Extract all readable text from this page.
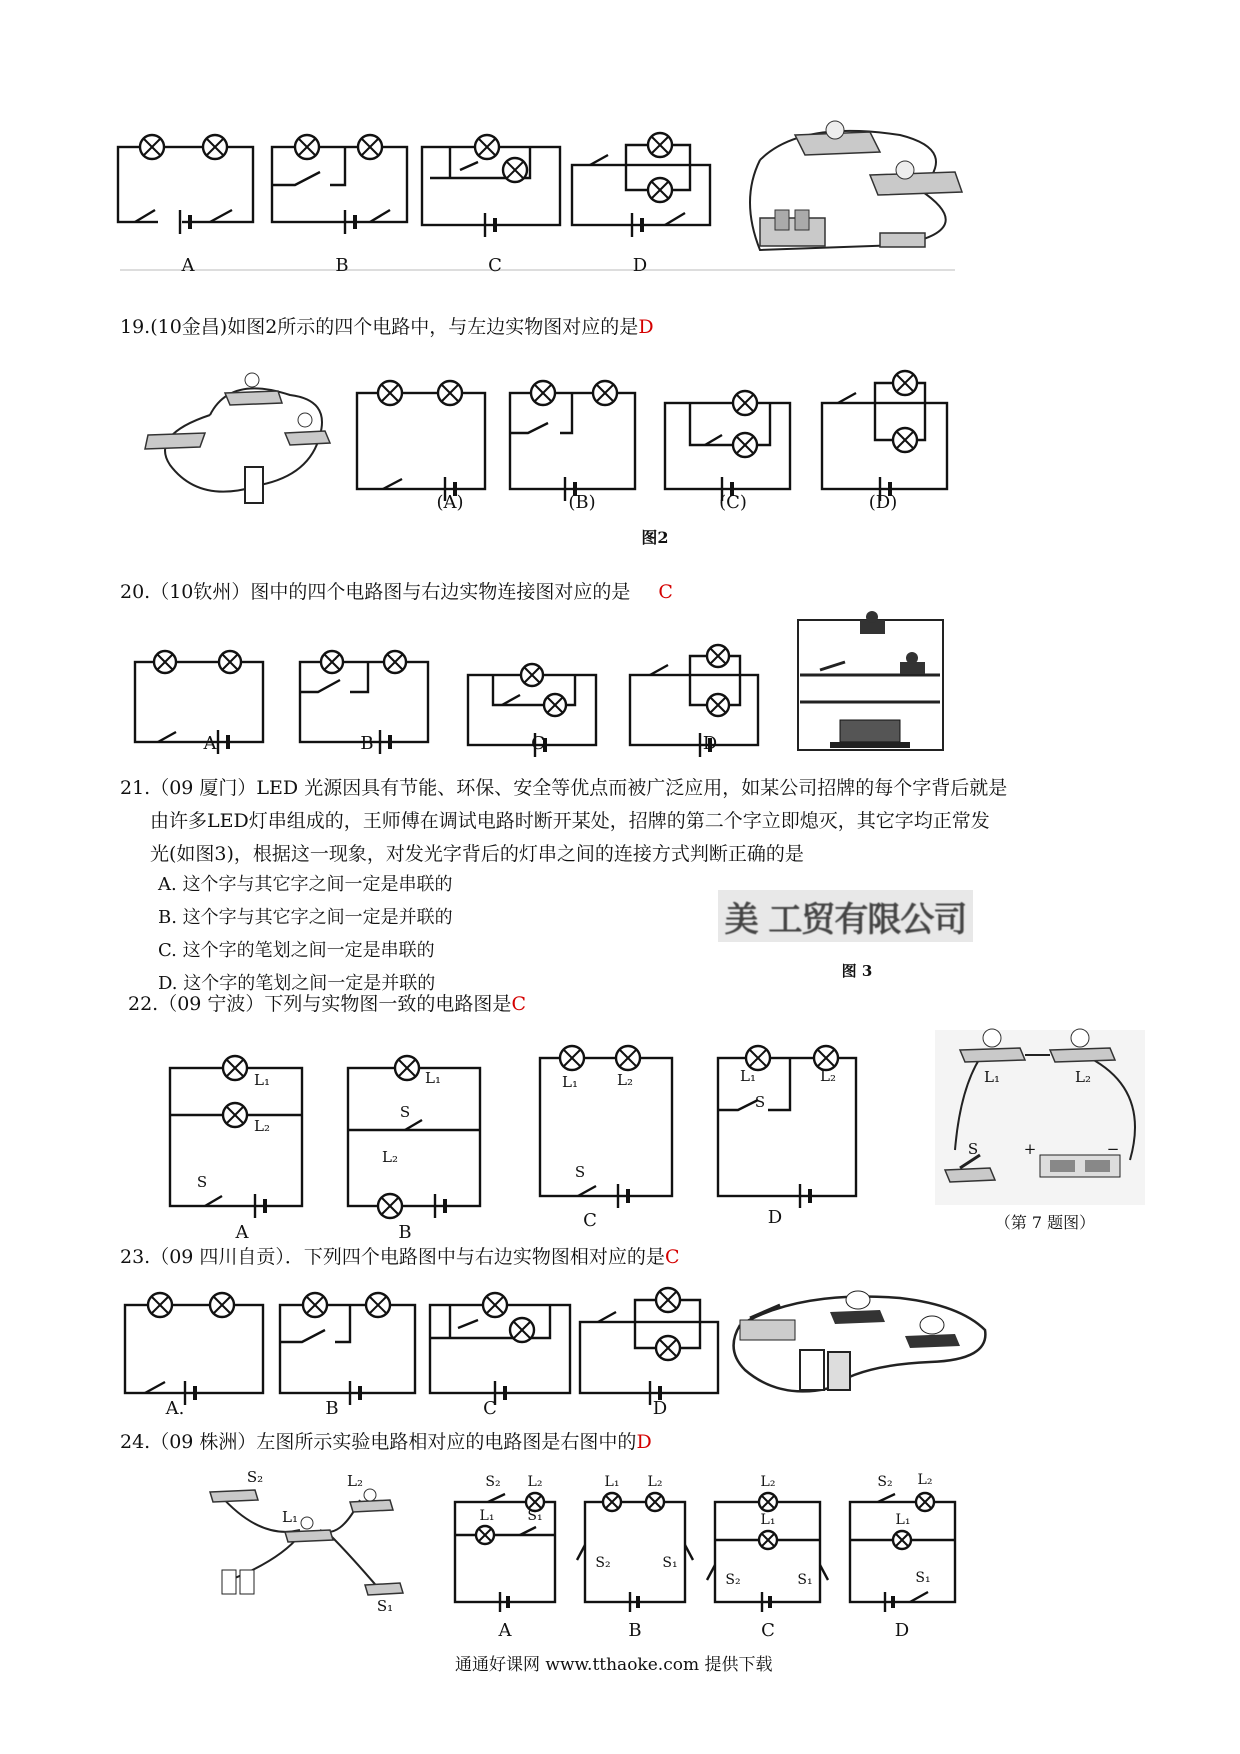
A	B	C	D
19.(10金昌)如图2所示的四个电路中，与左边实物图对应的是D
(A)	(B)	(C)	(D)
图2
20.（10钦州）图中的四个电路图与右边实物连接图对应的是 C
A	B	C	D
21.（09 厦门）LED 光源因具有节能、环保、安全等优点而被广泛应用，如某公司招牌的每个字背后就是
由许多LED灯串组成的，王师傅在调试电路时断开某处，招牌的第二个字立即熄灭，其它字均正常发
光(如图3)，根据这一现象，对发光字背后的灯串之间的连接方式判断正确的是
A. 这个字与其它字之间一定是串联的
B. 这个字与其它字之间一定是并联的
C. 这个字的笔划之间一定是串联的
D. 这个字的笔划之间一定是并联的
美 工贸有限公司
图 3
22.（09 宁波）下列与实物图一致的电路图是C
L₁
L₂
S
L₁
S
L₂
L₁	L₂
S
L₁
S
L₂	L₁	L₂
S	+	−
A	B
C	D	（第 7 题图）
23.（09 四川自贡）．下列四个电路图中与右边实物图相对应的是C
A.	B	C	D
24.（09 株洲）左图所示实验电路相对应的电路图是右图中的D
S₂	L₂
L₁
S₁
S₂	L₂
L₁	S₁
L₁	L₂
S₂	S₁
L₂
L₁
S₂	S₁
S₂	L₂
L₁
S₁
A	B	C	D
通通好课网 www.tthaoke.com 提供下载
